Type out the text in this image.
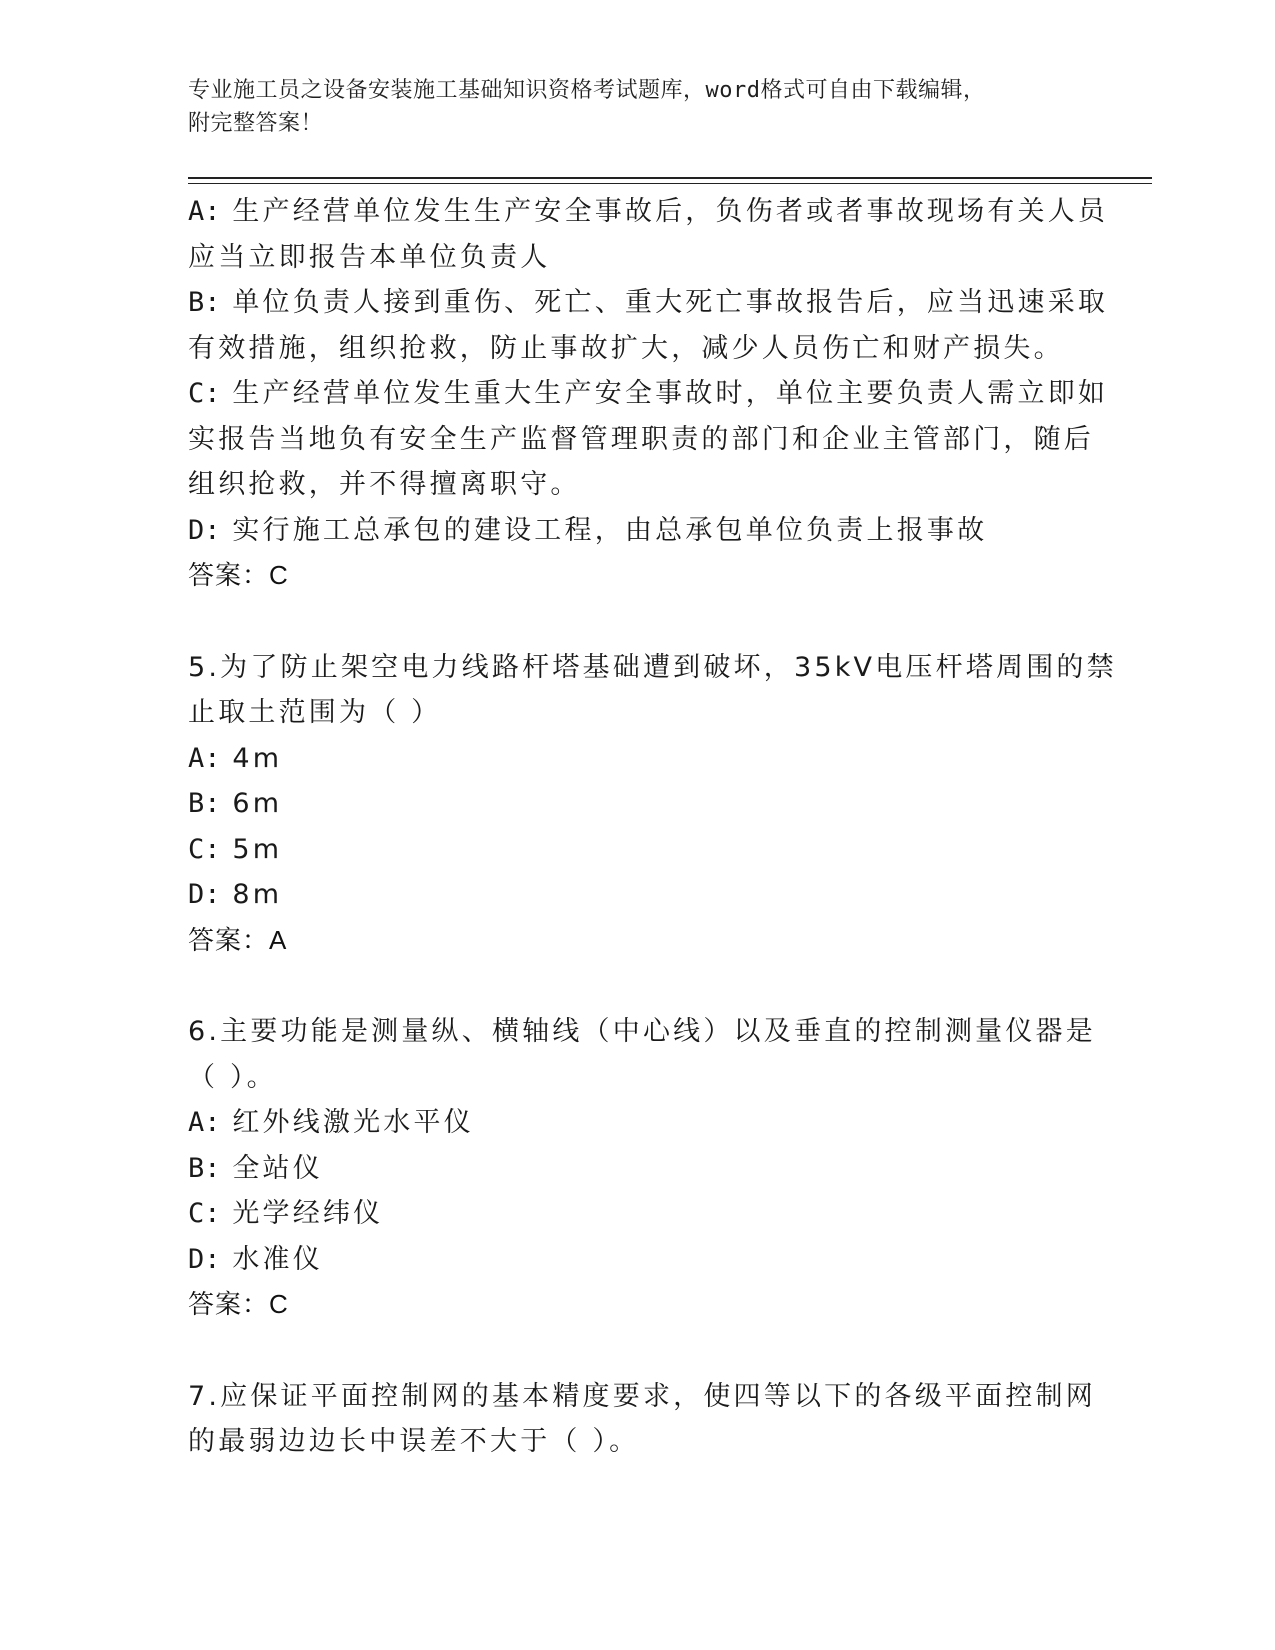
专业施工员之设备安装施工基础知识资格考试题库，word格式可自由下载编辑，
附完整答案！
A: 生产经营单位发生生产安全事故后，负伤者或者事故现场有关人员
应当立即报告本单位负责人
B: 单位负责人接到重伤、死亡、重大死亡事故报告后，应当迅速采取
有效措施，组织抢救，防止事故扩大，减少人员伤亡和财产损失。
C: 生产经营单位发生重大生产安全事故时，单位主要负责人需立即如
实报告当地负有安全生产监督管理职责的部门和企业主管部门，随后
组织抢救，并不得擅离职守。
D: 实行施工总承包的建设工程，由总承包单位负责上报事故
答案：C
5.为了防止架空电力线路杆塔基础遭到破坏，35kV电压杆塔周围的禁
止取土范围为（ ）
A: 4m
B: 6m
C: 5m
D: 8m
答案：A
6.主要功能是测量纵、横轴线（中心线）以及垂直的控制测量仪器是
（ ）。
A: 红外线激光水平仪
B: 全站仪
C: 光学经纬仪
D: 水准仪
答案：C
7.应保证平面控制网的基本精度要求，使四等以下的各级平面控制网
的最弱边边长中误差不大于（ ）。
